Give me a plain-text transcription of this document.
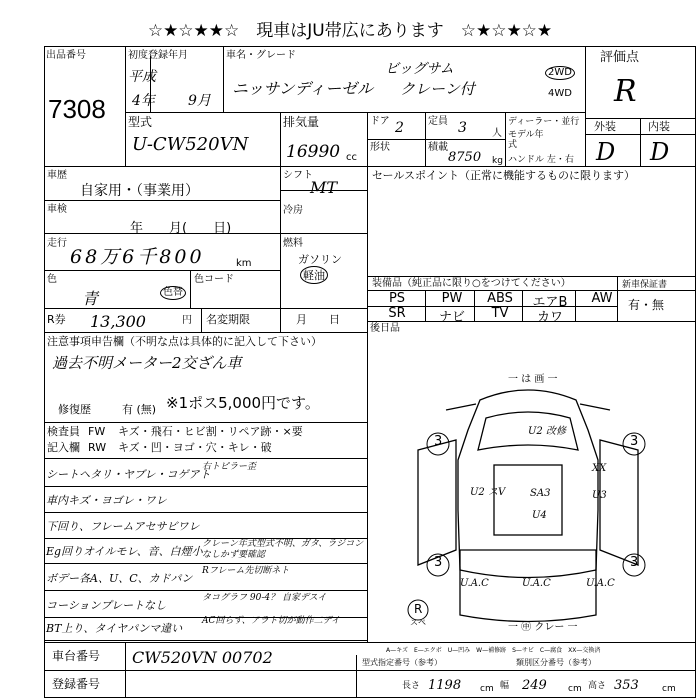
☆★☆★★☆　現車はJU帯広にあります　☆★☆★☆★
出品番号
7308
初度登録年月
平成
4年 9月
車名・グレード
ニッサンディーゼル
ビッグサム
クレーン付
2WD
4WD
評価点
R
外装	内装
D D
型式
U-CW520VN
排気量
16990 cc
ドア 2 定員 3	人
形状	積載
8750 kg
ディーラー・並行
モデル年式
ハンドル 左・右
車歴
自家用・（事業用）
シフト
MT
車検
年　　月(　　日)
冷房
走行
68万6千800	km
燃料
ガソリン
軽油
色
青	色替
色コード
R券 13,300	円 名変期限	月　　日
セールスポイント（正常に機能するものに限ります）
装備品（純正品に限り○をつけてください）	新車保証書
有・無
PS	PW	ABS	エアB	AW
SR	ナビ	TV	カワ
後日品
注意事項申告欄（不明な点は具体的に記入して下さい）
過去不明メーター2交ざん車
※1ポス5,000円です。
修復歴	有 (無)
検査員
記入欄
FW キズ・飛石・ヒビ割・リペア跡・×要
RW キズ・凹・ヨゴ・穴・キレ・破
シートヘタリ・ヤブレ・コゲアト
右トピラー歪
車内キズ・ヨゴレ・ワレ
下回り、フレームアセサビワレ
Eg回りオイルモレ、音、白煙小
クレーン年式型式不明、ガタ、ラジコンなしかず要確認
ボデー各A、U、C、カドパン
Rフレーム先切断ネト
コーションプレートなし
タコグラフ 90-4？ 自家デスイ
BT上り、タイヤパンマ違い
AC回らず、アラト切が動作二デイ
一 は 画 一
3	3
3	3
R
スペ
U2 改修
XX
U2 スV SA3	U3
U4
U.A.C	U.A.C	U.A.C
一 ㊥ クレー 一
A—キズ　E—エクボ　U—凹み　W—補修跡　S—サビ　C—腐食　XX—交換済
車台番号 CW520VN 00702
登録番号
型式指定番号（参考）	類別区分番号（参考）
長さ 1198 cm 幅 249 cm 高さ 353	cm
